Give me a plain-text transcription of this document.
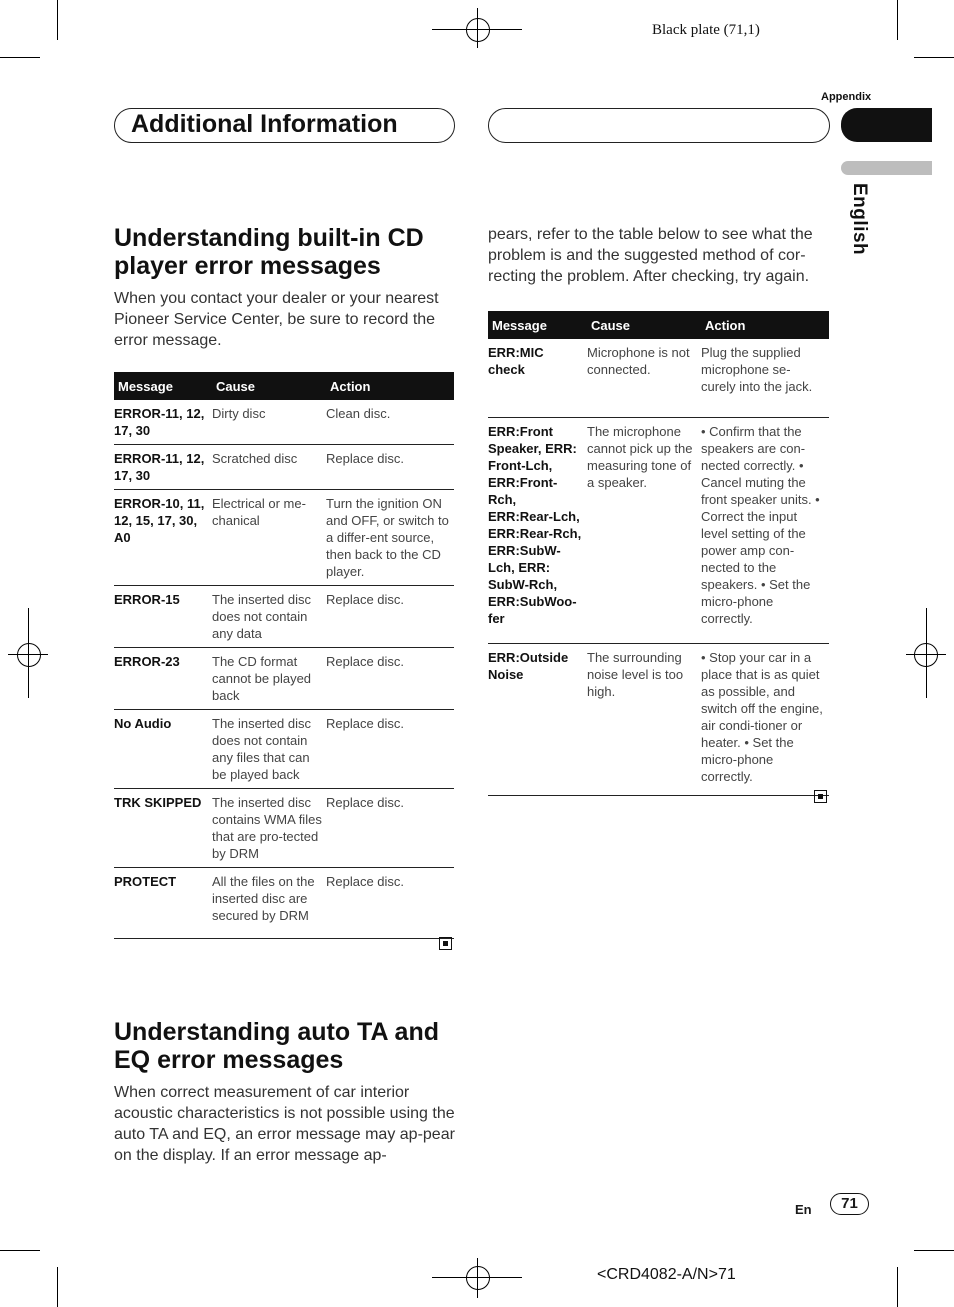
Black plate (71,1)
Appendix
Additional Information
English
Understanding built-in CD player error messages

When you contact your dealer or your nearest Pioneer Service Center, be sure to record the error message.

Message	Cause	Action
ERROR-11, 12, 17, 30	Dirty disc	Clean disc.
ERROR-11, 12, 17, 30	Scratched disc	Replace disc.
ERROR-10, 11, 12, 15, 17, 30, A0	Electrical or me-chanical	Turn the ignition ON and OFF, or switch to a differ-ent source, then back to the CD player.
ERROR-15	The inserted disc does not contain any data	Replace disc.
ERROR-23	The CD format cannot be played back	Replace disc.
No Audio	The inserted disc does not contain any files that can be played back	Replace disc.
TRK SKIPPED	The inserted disc contains WMA files that are pro-tected by DRM	Replace disc.
PROTECT	All the files on the inserted disc are secured by DRM	Replace disc.
Understanding auto TA and EQ error messages

When correct measurement of car interior acoustic characteristics is not possible using the auto TA and EQ, an error message may ap-pear on the display. If an error message ap-

pears, refer to the table below to see what the problem is and the suggested method of cor-recting the problem. After checking, try again.

Message	Cause	Action
ERR:MIC check	Microphone is not connected.	Plug the supplied microphone se-curely into the jack.
ERR:Front Speaker, ERR: Front-Lch, ERR:Front-Rch, ERR:Rear-Lch, ERR:Rear-Rch, ERR:SubW-Lch, ERR: SubW-Rch, ERR:SubWoo-fer	The microphone cannot pick up the measuring tone of a speaker.	• Confirm that the speakers are con-nected correctly. • Cancel muting the front speaker units. • Correct the input level setting of the power amp con-nected to the speakers. • Set the micro-phone correctly.
ERR:Outside Noise	The surrounding noise level is too high.	• Stop your car in a place that is as quiet as possible, and switch off the engine, air condi-tioner or heater. • Set the micro-phone correctly.
En	71
<CRD4082-A/N>71
